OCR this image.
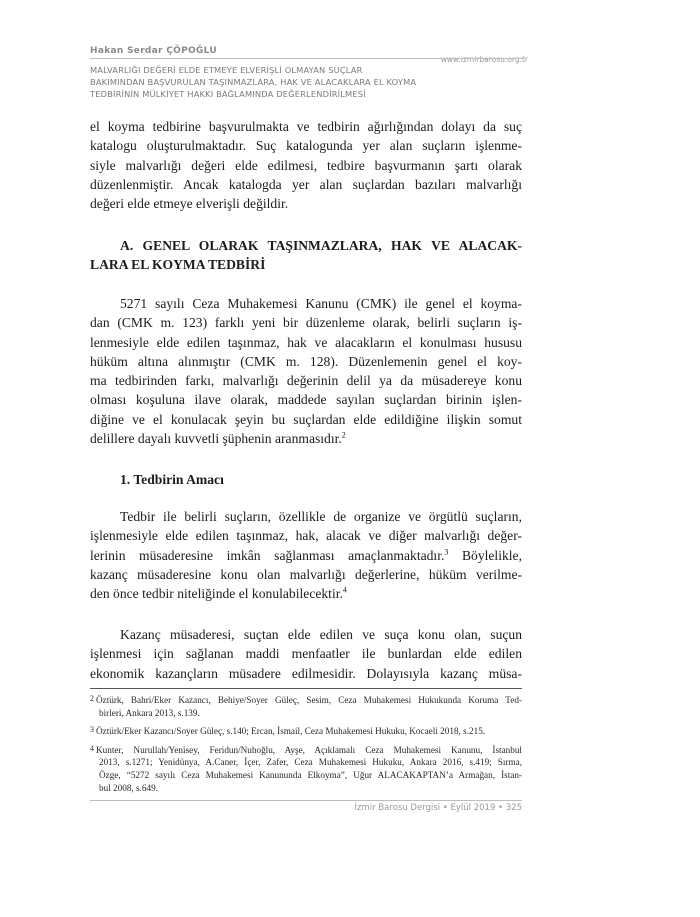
Hakan Serdar ÇÖPOĞLU
www.izmirbarosu.org.tr
MALVARLIĞI DEĞERİ ELDE ETMEYE ELVERİŞLİ OLMAYAN SUÇLAR
BAKIMINDAN BAŞVURULAN TAŞINMAZLARA, HAK VE ALACAKLARA EL KOYMA
TEDBİRİNİN MÜLKİYET HAKKI BAĞLAMINDA DEĞERLENDİRİLMESİ
el koyma tedbirine başvurulmakta ve tedbirin ağırlığından dolayı da suç
katalogu oluşturulmaktadır. Suç katalogunda yer alan suçların işlenme-
siyle malvarlığı değeri elde edilmesi, tedbire başvurmanın şartı olarak
düzenlenmiştir. Ancak katalogda yer alan suçlardan bazıları malvarlığı
değeri elde etmeye elverişli değildir.
A. GENEL OLARAK TAŞINMAZLARA, HAK VE ALACAK-
LARA EL KOYMA TEDBİRİ
5271 sayılı Ceza Muhakemesi Kanunu (CMK) ile genel el koyma-
dan (CMK m. 123) farklı yeni bir düzenleme olarak, belirli suçların iş-
lenmesiyle elde edilen taşınmaz, hak ve alacakların el konulması hususu
hüküm altına alınmıştır (CMK m. 128). Düzenlemenin genel el koy-
ma tedbirinden farkı, malvarlığı değerinin delil ya da müsadereye konu
olması koşuluna ilave olarak, maddede sayılan suçlardan birinin işlen-
diğine ve el konulacak şeyin bu suçlardan elde edildiğine ilişkin somut
delillere dayalı kuvvetli şüphenin aranmasıdır.$^2$
1. Tedbirin Amacı
Tedbir ile belirli suçların, özellikle de organize ve örgütlü suçların,
işlenmesiyle elde edilen taşınmaz, hak, alacak ve diğer malvarlığı değer-
lerinin müsaderesine imkân sağlanması amaçlanmaktadır.$^3$ Böylelikle,
kazanç müsaderesine konu olan malvarlığı değerlerine, hüküm verilme-
den önce tedbir niteliğinde el konulabilecektir.$^4$
Kazanç müsaderesi, suçtan elde edilen ve suça konu olan, suçun
işlenmesi için sağlanan maddi menfaatler ile bunlardan elde edilen
ekonomik kazançların müsadere edilmesidir. Dolayısıyla kazanç müsa-
2 Öztürk, Bahri/Eker Kazancı, Behiye/Soyer Güleç, Sesim, Ceza Muhakemesi Hukukunda Koruma Ted-
birleri, Ankara 2013, s.139.
3 Öztürk/Eker Kazancı/Soyer Güleç, s.140; Ercan, İsmail, Ceza Muhakemesi Hukuku, Kocaeli 2018, s.215.
4 Kunter, Nurullah/Yenisey, Feridun/Nuhoğlu, Ayşe, Açıklamalı Ceza Muhakemesi Kanunu, İstanbul
2013, s.1271; Yenidünya, A.Caner, İçer, Zafer, Ceza Muhakemesi Hukuku, Ankara 2016, s.419; Sırma,
Özge, “5272 sayılı Ceza Muhakemesi Kanununda Elkoyma”, Uğur ALACAKAPTAN’a Armağan, İstan-
bul 2008, s.649.
İzmir Barosu Dergisi • Eylül 2019 • 325
